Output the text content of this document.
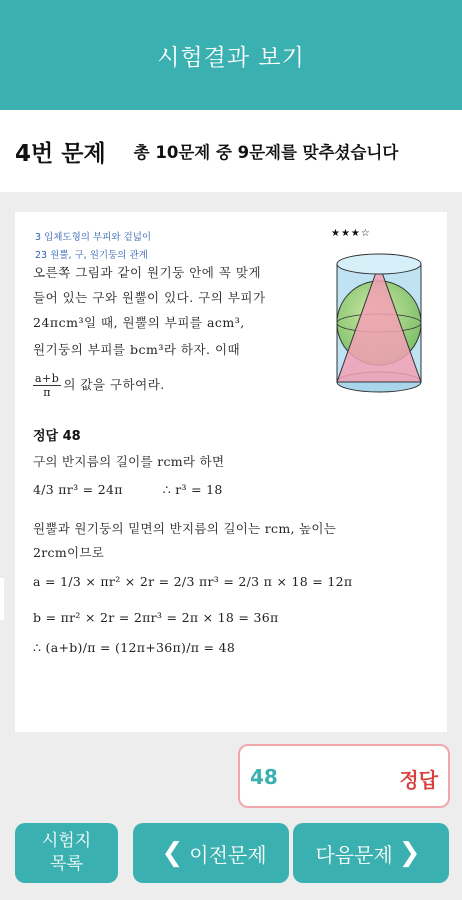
시험결과 보기
4번 문제 총 10문제 중 9문제를 맞추셨습니다
3 입체도형의 부피와 겉넓이
23 원뿔, 구, 원기둥의 관계
★★★☆
오른쪽 그림과 같이 원기둥 안에 꼭 맞게
들어 있는 구와 원뿔이 있다. 구의 부피가
24πcm³일 때, 원뿔의 부피를 acm³,
원기둥의 부피를 bcm³라 하자. 이때
$\frac{a+b}{\pi}$ 의 값을 구하여라.
정답 48
구의 반지름의 길이를 rcm라 하면
4/3 πr³ = 24π	∴ r³ = 18
원뿔과 원기둥의 밑면의 반지름의 길이는 rcm, 높이는
2rcm이므로
a = 1/3 × πr² × 2r = 2/3 πr³ = 2/3 π × 18 = 12π
b = πr² × 2r = 2πr³ = 2π × 18 = 36π
∴ (a+b)/π = (12π+36π)/π = 48
48	정답
시험지
목록	❮ 이전문제 다음문제 ❯
